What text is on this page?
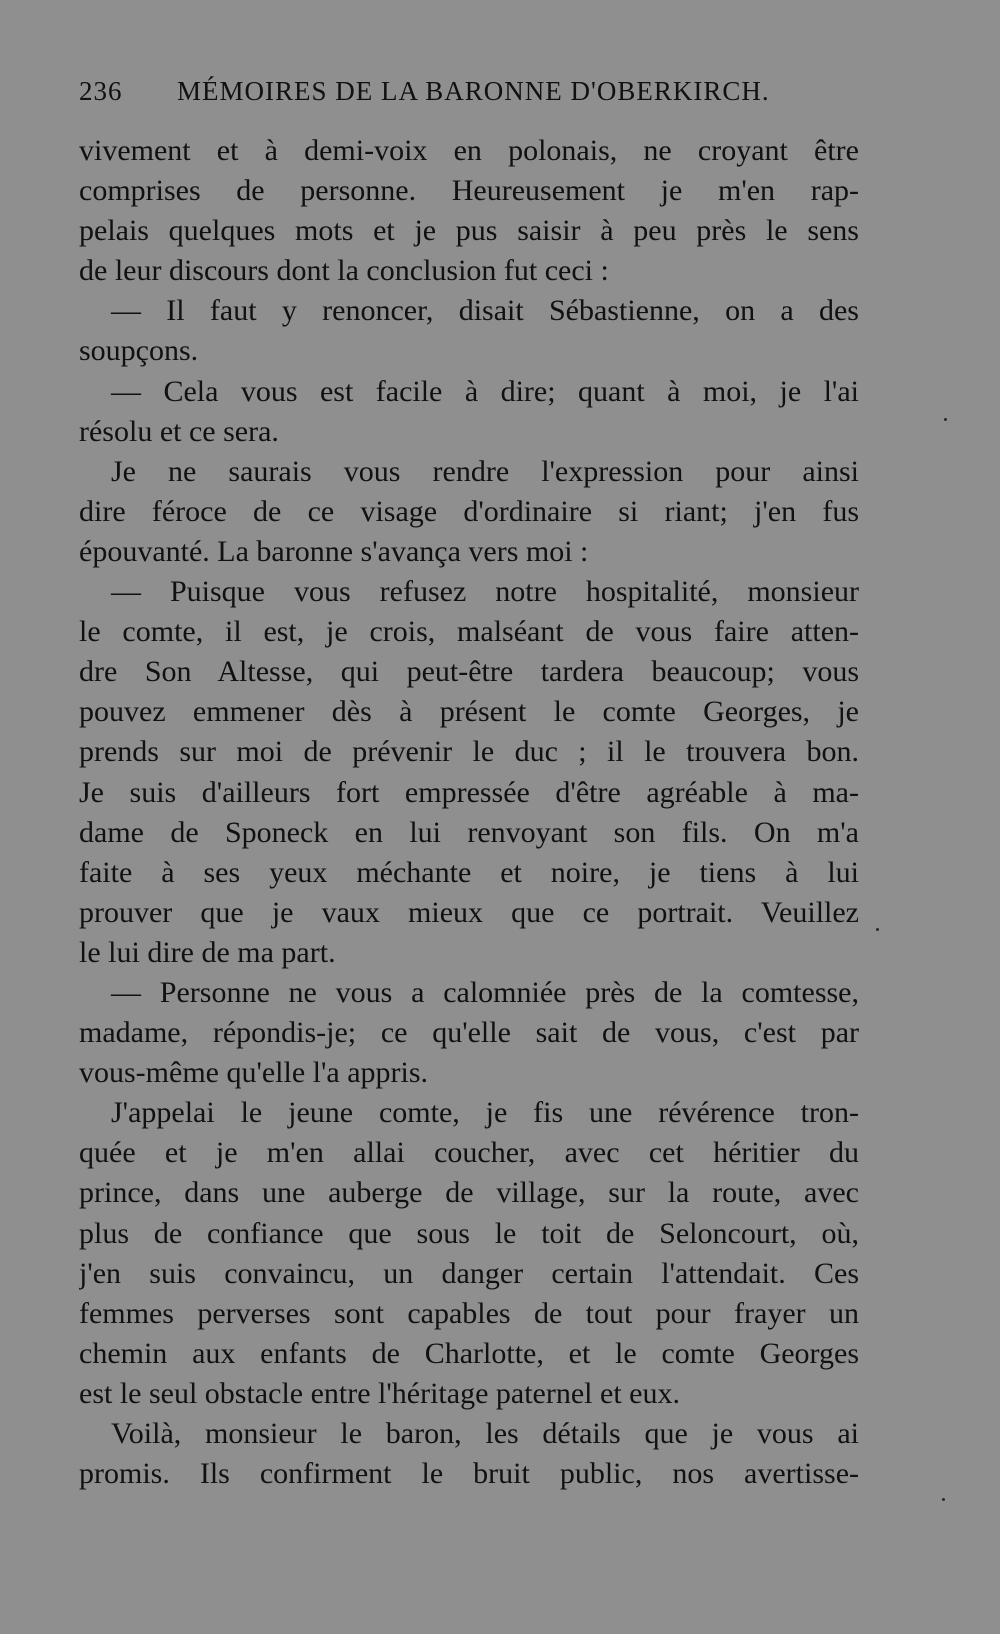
236 MÉMOIRES DE LA BARONNE D'OBERKIRCH.
vivement et à demi-voix en polonais, ne croyant être
comprises de personne. Heureusement je m'en rap-
pelais quelques mots et je pus saisir à peu près le sens
de leur discours dont la conclusion fut ceci :
— Il faut y renoncer, disait Sébastienne, on a des
soupçons.
— Cela vous est facile à dire; quant à moi, je l'ai
résolu et ce sera.
Je ne saurais vous rendre l'expression pour ainsi
dire féroce de ce visage d'ordinaire si riant; j'en fus
épouvanté. La baronne s'avança vers moi :
— Puisque vous refusez notre hospitalité, monsieur
le comte, il est, je crois, malséant de vous faire atten-
dre Son Altesse, qui peut-être tardera beaucoup; vous
pouvez emmener dès à présent le comte Georges, je
prends sur moi de prévenir le duc ; il le trouvera bon.
Je suis d'ailleurs fort empressée d'être agréable à ma-
dame de Sponeck en lui renvoyant son fils. On m'a
faite à ses yeux méchante et noire, je tiens à lui
prouver que je vaux mieux que ce portrait. Veuillez
le lui dire de ma part.
— Personne ne vous a calomniée près de la comtesse,
madame, répondis-je; ce qu'elle sait de vous, c'est par
vous-même qu'elle l'a appris.
J'appelai le jeune comte, je fis une révérence tron-
quée et je m'en allai coucher, avec cet héritier du
prince, dans une auberge de village, sur la route, avec
plus de confiance que sous le toit de Seloncourt, où,
j'en suis convaincu, un danger certain l'attendait. Ces
femmes perverses sont capables de tout pour frayer un
chemin aux enfants de Charlotte, et le comte Georges
est le seul obstacle entre l'héritage paternel et eux.
Voilà, monsieur le baron, les détails que je vous ai
promis. Ils confirment le bruit public, nos avertisse-
